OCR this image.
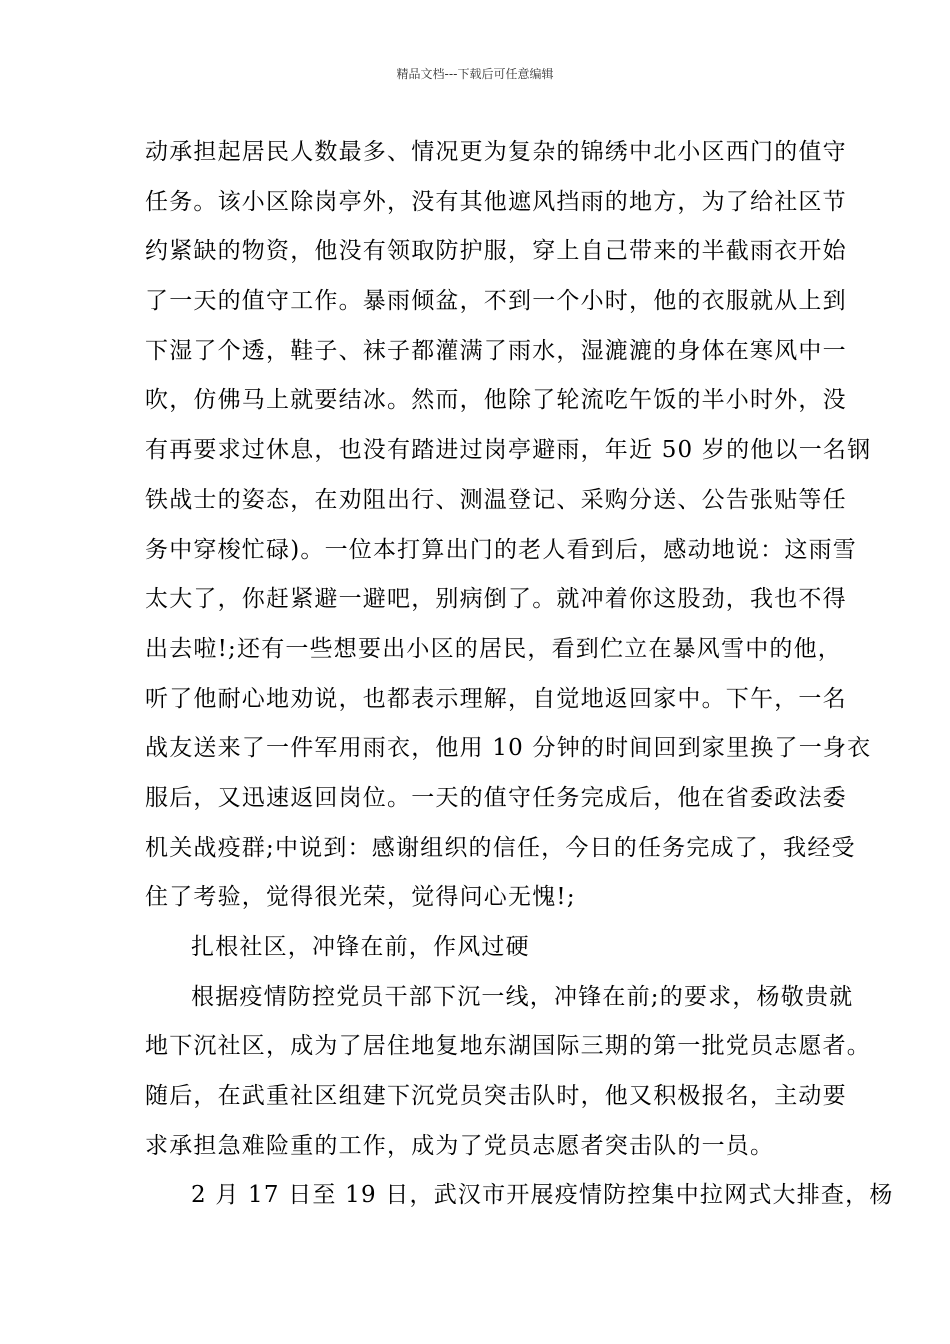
精品文档---下载后可任意编辑
动承担起居民人数最多、情况更为复杂的锦绣中北小区西门的值守
任务。该小区除岗亭外，没有其他遮风挡雨的地方，为了给社区节
约紧缺的物资，他没有领取防护服，穿上自己带来的半截雨衣开始
了一天的值守工作。暴雨倾盆，不到一个小时，他的衣服就从上到
下湿了个透，鞋子、袜子都灌满了雨水，湿漉漉的身体在寒风中一
吹，仿佛马上就要结冰。然而，他除了轮流吃午饭的半小时外，没
有再要求过休息，也没有踏进过岗亭避雨，年近 50 岁的他以一名钢
铁战士的姿态，在劝阻出行、测温登记、采购分送、公告张贴等任
务中穿梭忙碌)。一位本打算出门的老人看到后，感动地说：这雨雪
太大了，你赶紧避一避吧，别病倒了。就冲着你这股劲，我也不得
出去啦!;还有一些想要出小区的居民，看到伫立在暴风雪中的他，
听了他耐心地劝说，也都表示理解，自觉地返回家中。下午，一名
战友送来了一件军用雨衣，他用 10 分钟的时间回到家里换了一身衣
服后，又迅速返回岗位。一天的值守任务完成后，他在省委政法委
机关战疫群;中说到：感谢组织的信任，今日的任务完成了，我经受
住了考验，觉得很光荣，觉得问心无愧!;
扎根社区，冲锋在前，作风过硬
根据疫情防控党员干部下沉一线，冲锋在前;的要求，杨敬贵就
地下沉社区，成为了居住地复地东湖国际三期的第一批党员志愿者。
随后，在武重社区组建下沉党员突击队时，他又积极报名，主动要
求承担急难险重的工作，成为了党员志愿者突击队的一员。
2 月 17 日至 19 日，武汉市开展疫情防控集中拉网式大排查，杨
